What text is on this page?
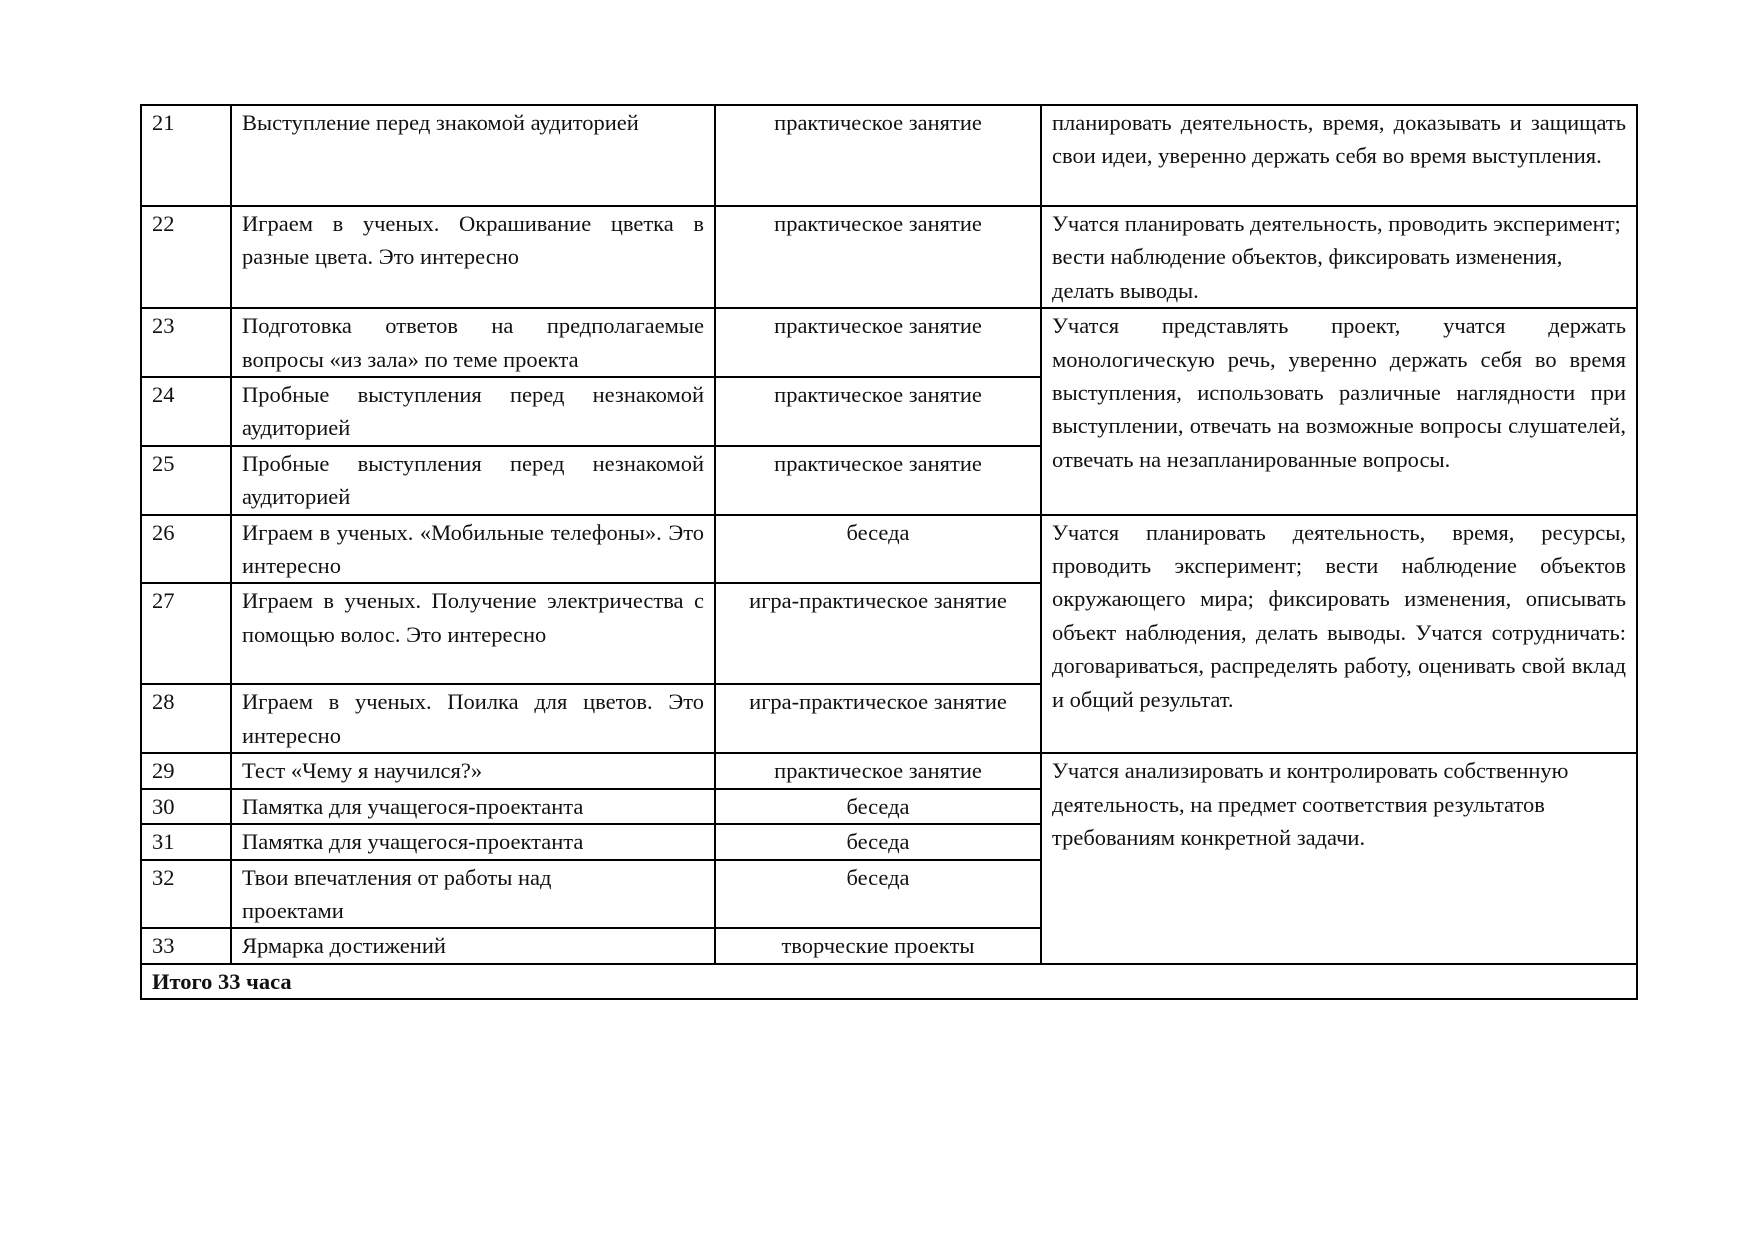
21	Выступление перед знакомой аудиторией	практическое занятие	планировать деятельность, время, доказывать и защищать свои идеи, уверенно держать себя во время выступления.
22	Играем в ученых. Окрашивание цветка в разные цвета. Это интересно	практическое занятие	Учатся планировать деятельность, проводить эксперимент; вести наблюдение объектов, фиксировать изменения, делать выводы.
23	Подготовка ответов на предполагаемые вопросы «из зала» по теме проекта	практическое занятие	Учатся представлять проект, учатся держать монологическую речь, уверенно держать себя во время выступления, использовать различные наглядности при выступлении, отвечать на возможные вопросы слушателей, отвечать на незапланированные вопросы.
24	Пробные выступления перед незнакомой аудиторией	практическое занятие	
25	Пробные выступления перед незнакомой аудиторией	практическое занятие	
26	Играем в ученых. «Мобильные телефоны». Это интересно	беседа	Учатся планировать деятельность, время, ресурсы, проводить эксперимент; вести наблюдение объектов окружающего мира; фиксировать изменения, описывать объект наблюдения, делать выводы. Учатся сотрудничать: договариваться, распределять работу, оценивать свой вклад и общий результат.
27	Играем в ученых. Получение электричества с помощью волос. Это интересно	игра-практическое занятие	
28	Играем в ученых. Поилка для цветов. Это интересно	игра-практическое занятие	
29	Тест «Чему я научился?»	практическое занятие	Учатся анализировать и контролировать собственную деятельность, на предмет соответствия результатов требованиям конкретной задачи.
30	Памятка для учащегося-проектанта	беседа	
31	Памятка для учащегося-проектанта	беседа	
32	Твои впечатления от работы над проектами	беседа	
33	Ярмарка достижений	творческие проекты	
Итого 33 часа			
